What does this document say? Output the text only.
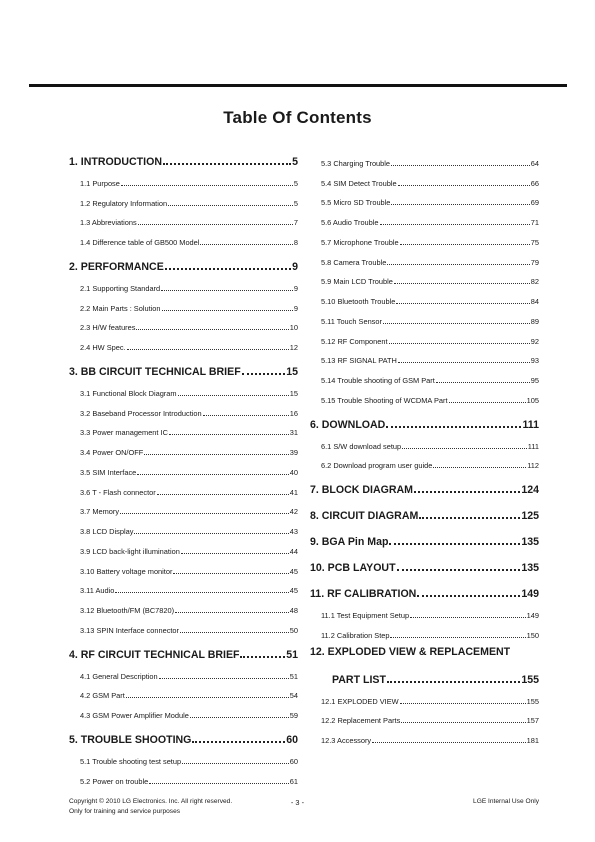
Table Of Contents
1. INTRODUCTION	5
1.1 Purpose	5
1.2 Regulatory Information	5
1.3 Abbreviations	7
1.4 Difference table of GB500 Model	8
2. PERFORMANCE	9
2.1 Supporting Standard	9
2.2 Main Parts : Solution	9
2.3 H/W features	10
2.4 HW Spec.	12
3. BB CIRCUIT TECHNICAL BRIEF	15
3.1 Functional Block Diagram	15
3.2 Baseband Processor Introduction	16
3.3 Power management IC	31
3.4 Power ON/OFF	39
3.5 SIM Interface	40
3.6 T - Flash connector	41
3.7 Memory	42
3.8 LCD Display	43
3.9 LCD back-light illumination	44
3.10 Battery voltage monitor	45
3.11 Audio	45
3.12 Bluetooth/FM (BC7820)	48
3.13 SPIN Interface connector	50
4. RF CIRCUIT TECHNICAL BRIEF	51
4.1 General Description	51
4.2 GSM Part	54
4.3 GSM Power Amplifier Module	59
5. TROUBLE SHOOTING	60
5.1 Trouble shooting test setup	60
5.2 Power on trouble	61
5.3 Charging Trouble	64
5.4 SIM Detect Trouble	66
5.5 Micro SD Trouble	69
5.6 Audio Trouble	71
5.7 Microphone Trouble	75
5.8 Camera Trouble	79
5.9 Main LCD Trouble	82
5.10 Bluetooth Trouble	84
5.11 Touch Sensor	89
5.12 RF Component	92
5.13 RF SIGNAL PATH	93
5.14 Trouble shooting of GSM Part	95
5.15 Trouble Shooting of WCDMA Part	105
6. DOWNLOAD	111
6.1 S/W download setup	111
6.2 Download program user guide	112
7. BLOCK DIAGRAM	124
8. CIRCUIT DIAGRAM	125
9. BGA Pin Map	135
10. PCB LAYOUT	135
11. RF CALIBRATION	149
11.1 Test Equipment Setup	149
11.2 Calibration Step	150
12. EXPLODED VIEW & REPLACEMENT
PART LIST	155
12.1 EXPLODED VIEW	155
12.2 Replacement Parts	157
12.3 Accessory	181
Copyright © 2010 LG Electronics. Inc. All right reserved.
Only for training and service purposes
- 3 -	LGE Internal Use Only
